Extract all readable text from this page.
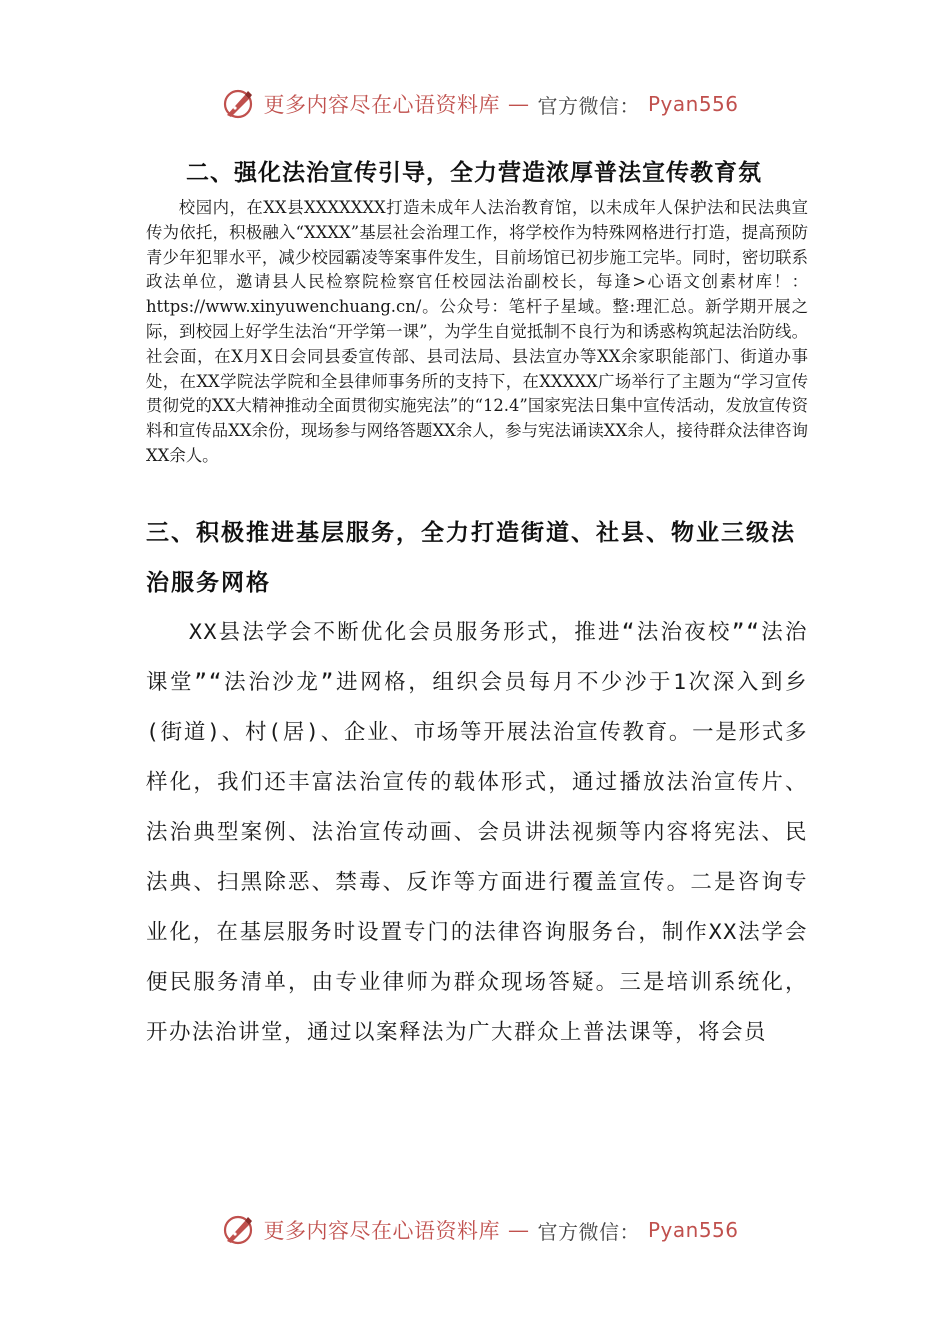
更多内容尽在心语资料库 — 官方微信： Pyan556
二、强化法治宣传引导，全力营造浓厚普法宣传教育氛

校园内，在XX县XXXXXXX打造未成年人法治教育馆，以未成年人保护法和民法典宣传为依托，积极融入“XXXX”基层社会治理工作，将学校作为特殊网格进行打造，提高预防青少年犯罪水平，减少校园霸凌等案事件发生，目前场馆已初步施工完毕。同时，密切联系政法单位，邀请县人民检察院检察官任校园法治副校长，每逢>心语文创素材库！：https://www.xinyuwenchuang.cn/。公众号：笔杆子星域。整:理汇总。新学期开展之际，到校园上好学生法治“开学第一课”，为学生自觉抵制不良行为和诱惑构筑起法治防线。社会面，在X月X日会同县委宣传部、县司法局、县法宣办等XX余家职能部门、街道办事处，在XX学院法学院和全县律师事务所的支持下，在XXXXX广场举行了主题为“学习宣传贯彻党的XX大精神推动全面贯彻实施宪法”的“12.4”国家宪法日集中宣传活动，发放宣传资料和宣传品XX余份，现场参与网络答题XX余人，参与宪法诵读XX余人，接待群众法律咨询XX余人。

三、积极推进基层服务，全力打造街道、社县、物业三级法治服务网格

XX县法学会不断优化会员服务形式，推进“法治夜校”“法治课堂”“法治沙龙”进网格，组织会员每月不少沙于1次深入到乡(街道)、村(居)、企业、市场等开展法治宣传教育。一是形式多样化，我们还丰富法治宣传的载体形式，通过播放法治宣传片、法治典型案例、法治宣传动画、会员讲法视频等内容将宪法、民法典、扫黑除恶、禁毒、反诈等方面进行覆盖宣传。二是咨询专业化，在基层服务时设置专门的法律咨询服务台，制作XX法学会便民服务清单，由专业律师为群众现场答疑。三是培训系统化，开办法治讲堂，通过以案释法为广大群众上普法课等，将会员

更多内容尽在心语资料库 — 官方微信： Pyan556
